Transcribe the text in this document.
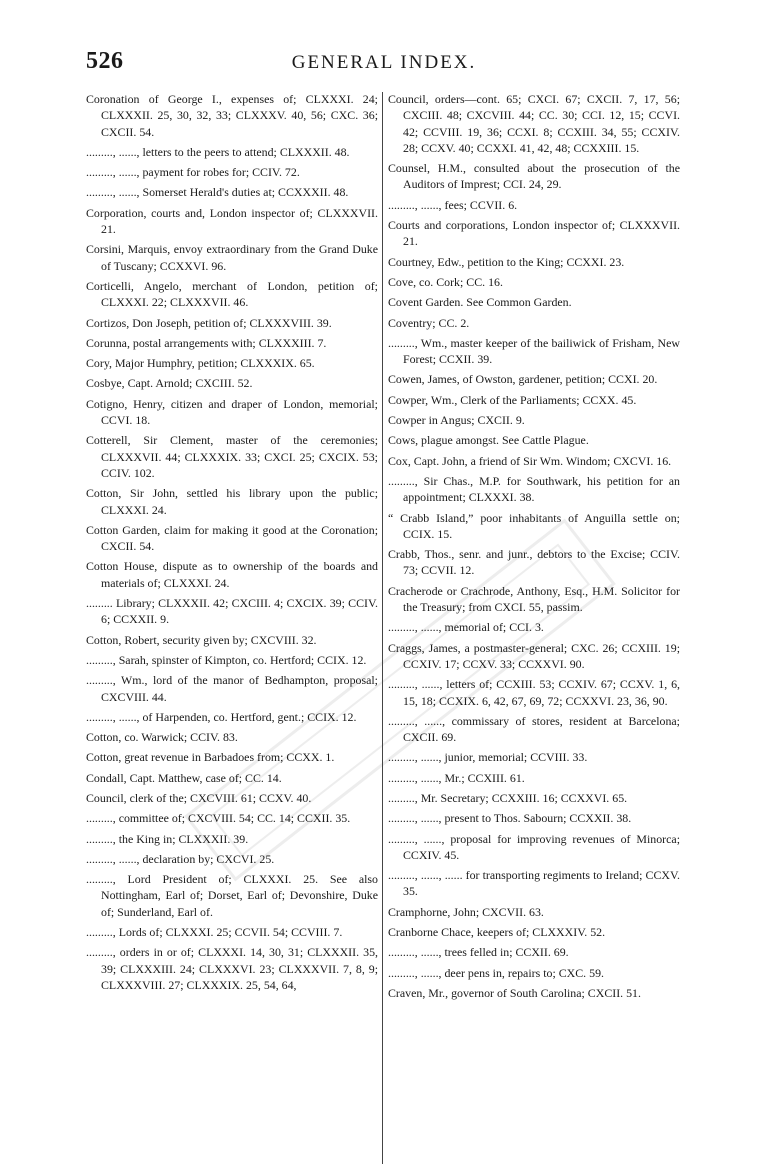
526	GENERAL INDEX.
Coronation of George I., expenses of; CLXXXI. 24; CLXXXII. 25, 30, 32, 33; CLXXXV. 40, 56; CXC. 36; CXCII. 54.
........., ......, letters to the peers to attend; CLXXXII. 48.
........., ......, payment for robes for; CCIV. 72.
........., ......, Somerset Herald's duties at; CCXXXII. 48.
Corporation, courts and, London inspector of; CLXXXVII. 21.
Corsini, Marquis, envoy extraordinary from the Grand Duke of Tuscany; CCXXVI. 96.
Corticelli, Angelo, merchant of London, petition of; CLXXXI. 22; CLXXXVII. 46.
Cortizos, Don Joseph, petition of; CLXXXVIII. 39.
Corunna, postal arrangements with; CLXXXIII. 7.
Cory, Major Humphry, petition; CLXXXIX. 65.
Cosbye, Capt. Arnold; CXCIII. 52.
Cotigno, Henry, citizen and draper of London, memorial; CCVI. 18.
Cotterell, Sir Clement, master of the ceremonies; CLXXXVII. 44; CLXXXIX. 33; CXCI. 25; CXCIX. 53; CCIV. 102.
Cotton, Sir John, settled his library upon the public; CLXXXI. 24.
Cotton Garden, claim for making it good at the Coronation; CXCII. 54.
Cotton House, dispute as to ownership of the boards and materials of; CLXXXI. 24.
......... Library; CLXXXII. 42; CXCIII. 4; CXCIX. 39; CCIV. 6; CCXXII. 9.
Cotton, Robert, security given by; CXCVIII. 32.
........., Sarah, spinster of Kimpton, co. Hertford; CCIX. 12.
........., Wm., lord of the manor of Bedhampton, proposal; CXCVIII. 44.
........., ......, of Harpenden, co. Hertford, gent.; CCIX. 12.
Cotton, co. Warwick; CCIV. 83.
Cotton, great revenue in Barbadoes from; CCXX. 1.
Condall, Capt. Matthew, case of; CC. 14.
Council, clerk of the; CXCVIII. 61; CCXV. 40.
........., committee of; CXCVIII. 54; CC. 14; CCXII. 35.
........., the King in; CLXXXII. 39.
........., ......, declaration by; CXCVI. 25.
........., Lord President of; CLXXXI. 25. See also Nottingham, Earl of; Dorset, Earl of; Devonshire, Duke of; Sunderland, Earl of.
........., Lords of; CLXXXI. 25; CCVII. 54; CCVIII. 7.
........., orders in or of; CLXXXI. 14, 30, 31; CLXXXII. 35, 39; CLXXXIII. 24; CLXXXVI. 23; CLXXXVII. 7, 8, 9; CLXXXVIII. 27; CLXXXIX. 25, 54, 64,
Council, orders—cont. 65; CXCI. 67; CXCII. 7, 17, 56; CXCIII. 48; CXCVIII. 44; CC. 30; CCI. 12, 15; CCVI. 42; CCVIII. 19, 36; CCXI. 8; CCXIII. 34, 55; CCXIV. 28; CCXV. 40; CCXXI. 41, 42, 48; CCXXIII. 15.
Counsel, H.M., consulted about the prosecution of the Auditors of Imprest; CCI. 24, 29.
........., ......, fees; CCVII. 6.
Courts and corporations, London inspector of; CLXXXVII. 21.
Courtney, Edw., petition to the King; CCXXI. 23.
Cove, co. Cork; CC. 16.
Covent Garden. See Common Garden.
Coventry; CC. 2.
........., Wm., master keeper of the bailiwick of Frisham, New Forest; CCXII. 39.
Cowen, James, of Owston, gardener, petition; CCXI. 20.
Cowper, Wm., Clerk of the Parliaments; CCXX. 45.
Cowper in Angus; CXCII. 9.
Cows, plague amongst. See Cattle Plague.
Cox, Capt. John, a friend of Sir Wm. Windom; CXCVI. 16.
........., Sir Chas., M.P. for Southwark, his petition for an appointment; CLXXXI. 38.
“ Crabb Island,” poor inhabitants of Anguilla settle on; CCIX. 15.
Crabb, Thos., senr. and junr., debtors to the Excise; CCIV. 73; CCVII. 12.
Cracherode or Crachrode, Anthony, Esq., H.M. Solicitor for the Treasury; from CXCI. 55, passim.
........., ......, memorial of; CCI. 3.
Craggs, James, a postmaster-general; CXC. 26; CCXIII. 19; CCXIV. 17; CCXV. 33; CCXXVI. 90.
........., ......, letters of; CCXIII. 53; CCXIV. 67; CCXV. 1, 6, 15, 18; CCXIX. 6, 42, 67, 69, 72; CCXXVI. 23, 36, 90.
........., ......, commissary of stores, resident at Barcelona; CXCII. 69.
........., ......, junior, memorial; CCVIII. 33.
........., ......, Mr.; CCXIII. 61.
........., Mr. Secretary; CCXXIII. 16; CCXXVI. 65.
........., ......, present to Thos. Sabourn; CCXXII. 38.
........., ......, proposal for improving revenues of Minorca; CCXIV. 45.
........., ......, ...... for transporting regiments to Ireland; CCXV. 35.
Cramphorne, John; CXCVII. 63.
Cranborne Chace, keepers of; CLXXXIV. 52.
........., ......, trees felled in; CCXII. 69.
........., ......, deer pens in, repairs to; CXC. 59.
Craven, Mr., governor of South Carolina; CXCII. 51.
